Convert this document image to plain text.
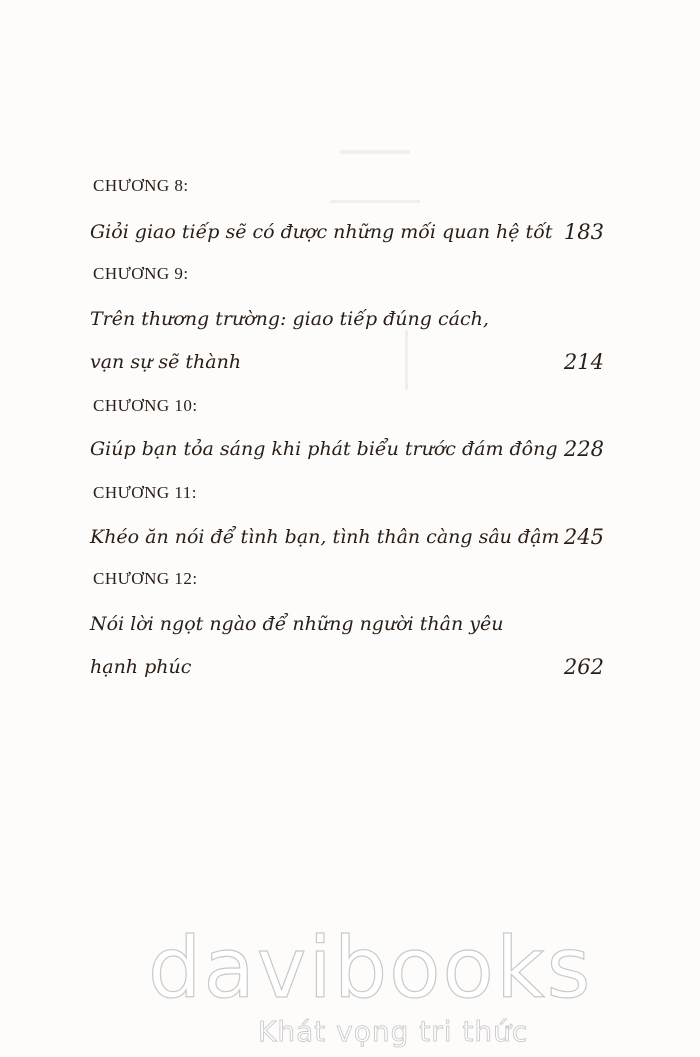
CHƯƠNG 8:
Giỏi giao tiếp sẽ có được những mối quan hệ tốt 183
CHƯƠNG 9:
Trên thương trường: giao tiếp đúng cách,
vạn sự sẽ thành	214
CHƯƠNG 10:
Giúp bạn tỏa sáng khi phát biểu trước đám đông 228
CHƯƠNG 11:
Khéo ăn nói để tình bạn, tình thân càng sâu đậm 245
CHƯƠNG 12:
Nói lời ngọt ngào để những người thân yêu
hạnh phúc	262
davibooks
Khát vọng tri thức
